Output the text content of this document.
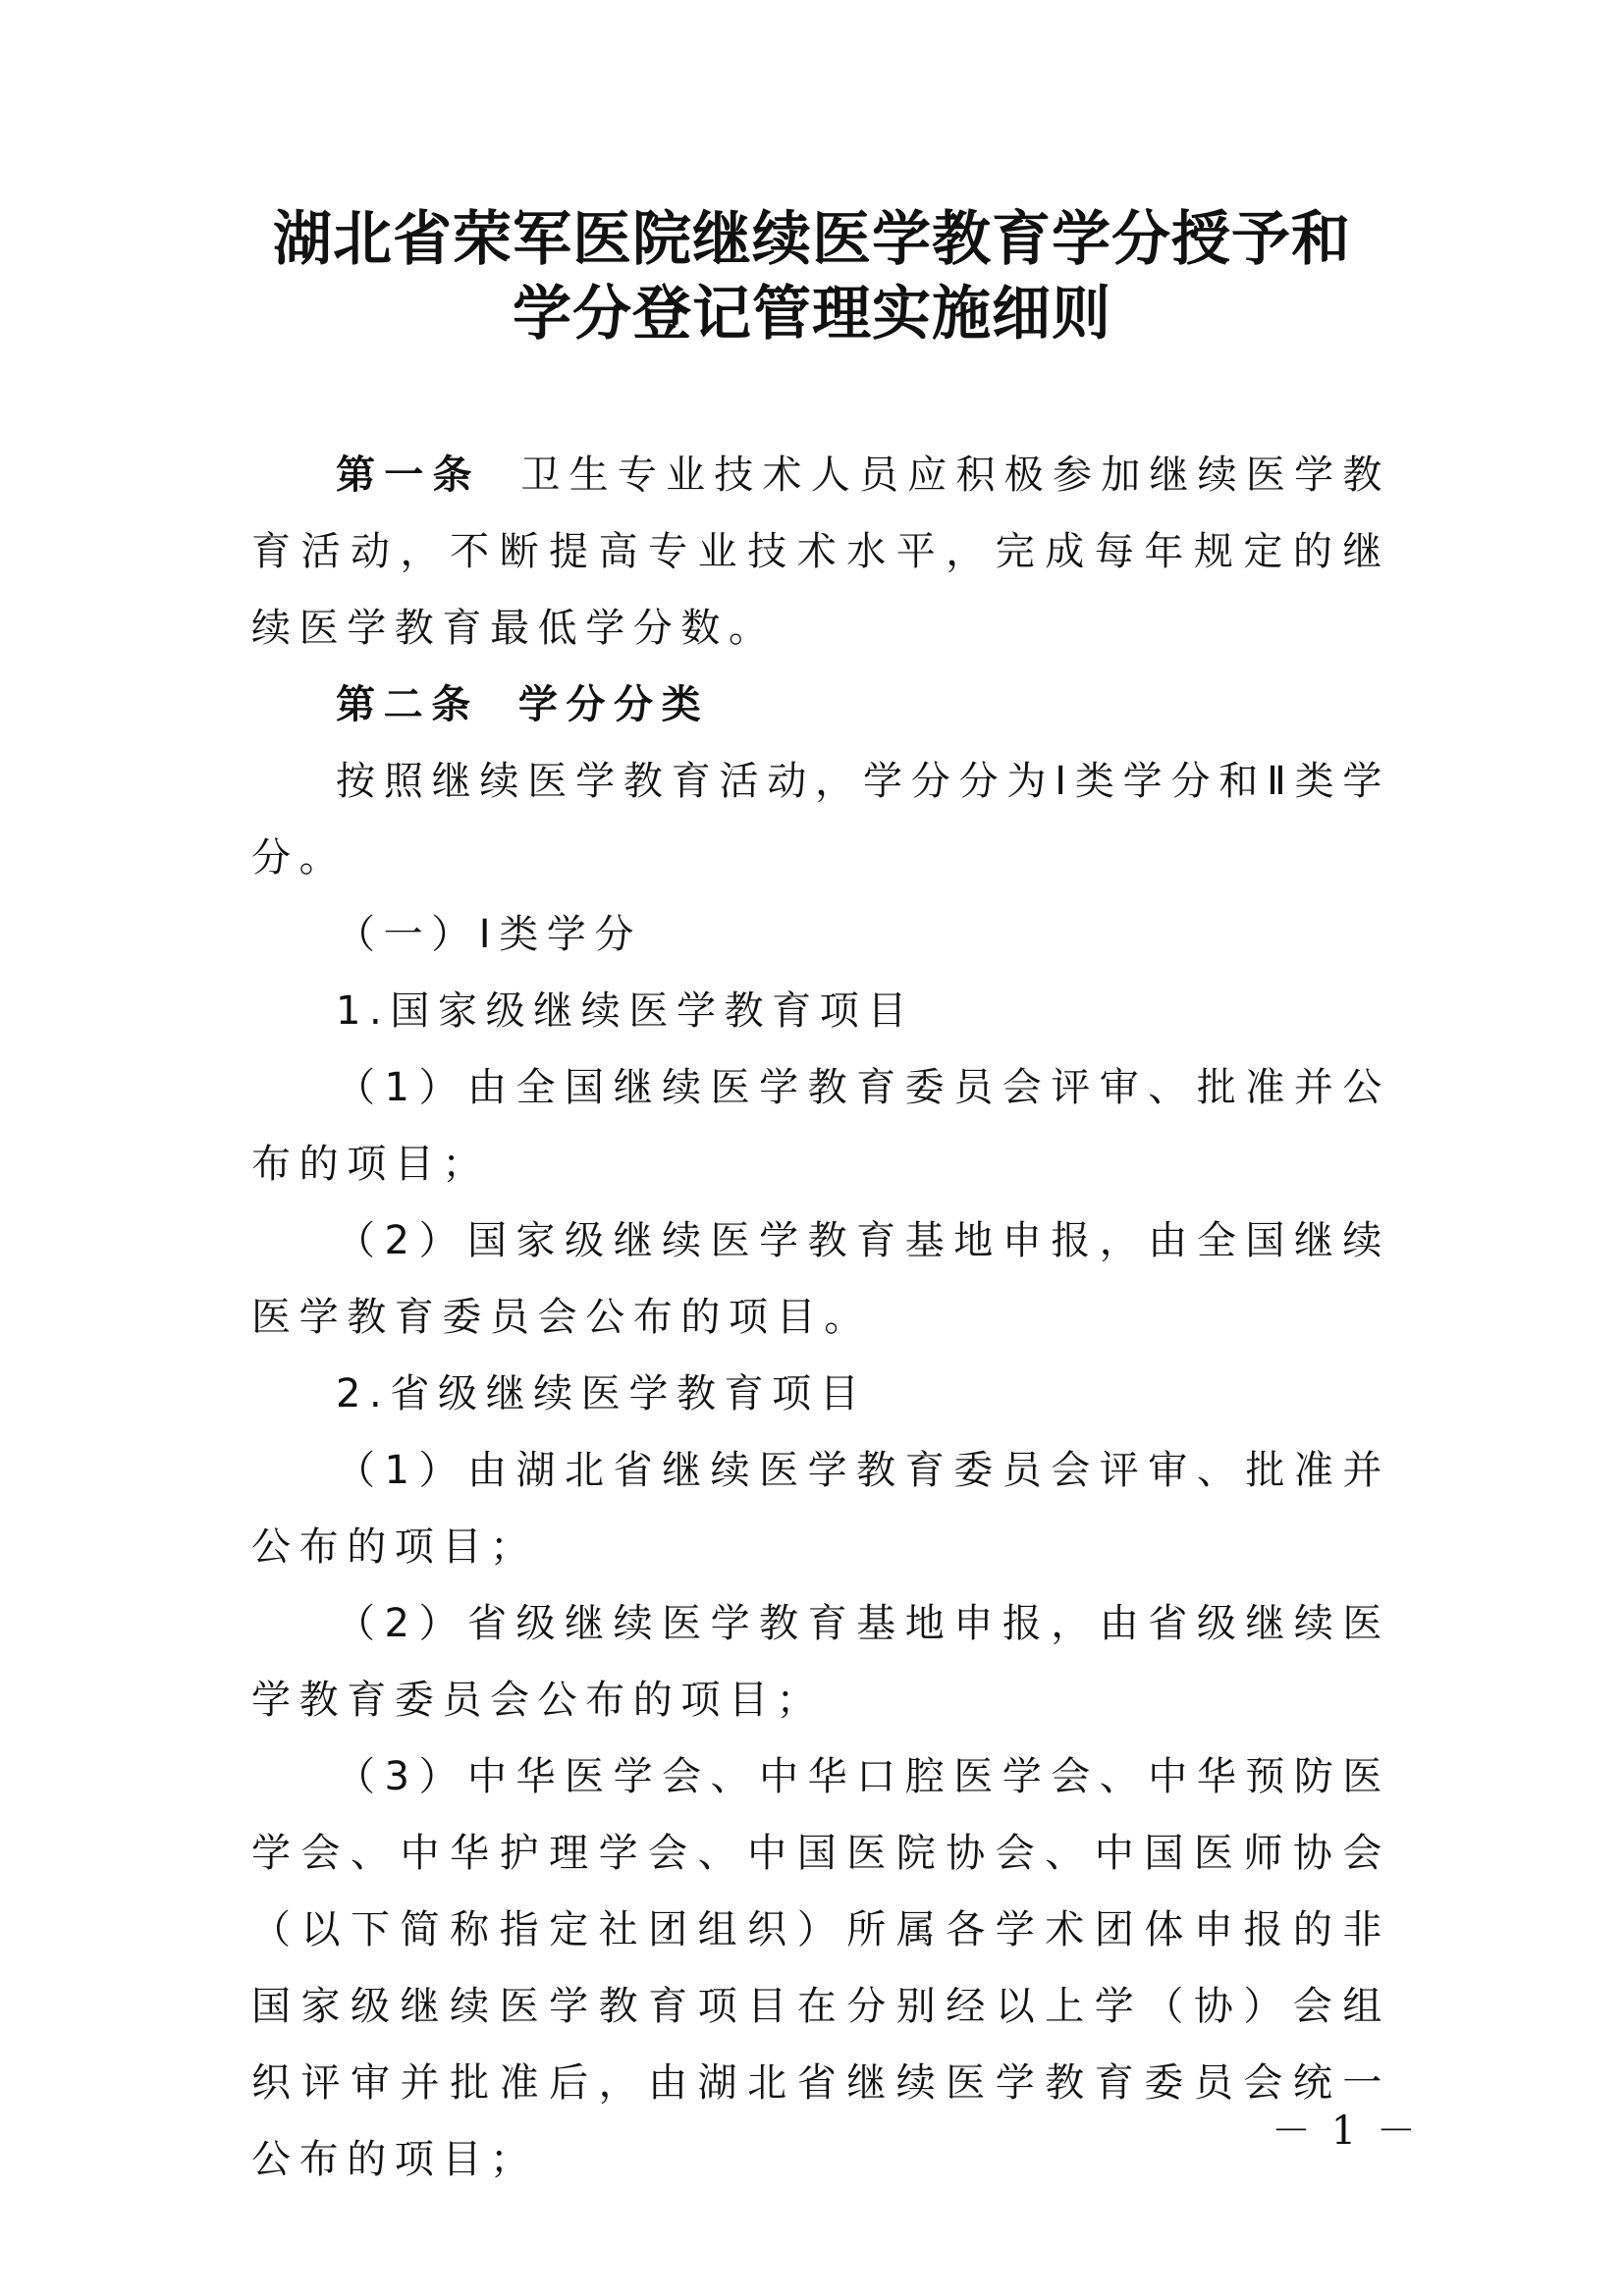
湖北省荣军医院继续医学教育学分授予和
学分登记管理实施细则

第一条 卫生专业技术人员应积极参加继续医学教育活动，不断提高专业技术水平，完成每年规定的继续医学教育最低学分数。

第二条 学分分类

按照继续医学教育活动，学分分为Ⅰ类学分和Ⅱ类学分。

（一）Ⅰ类学分

1.国家级继续医学教育项目

（1）由全国继续医学教育委员会评审、批准并公布的项目；

（2）国家级继续医学教育基地申报，由全国继续医学教育委员会公布的项目。

2.省级继续医学教育项目

（1）由湖北省继续医学教育委员会评审、批准并公布的项目；

（2）省级继续医学教育基地申报，由省级继续医学教育委员会公布的项目；

（3）中华医学会、中华口腔医学会、中华预防医学会、中华护理学会、中国医院协会、中国医师协会（以下简称指定社团组织）所属各学术团体申报的非国家级继续医学教育项目在分别经以上学（协）会组织评审并批准后，由湖北省继续医学教育委员会统一公布的项目；

－ 1 －
